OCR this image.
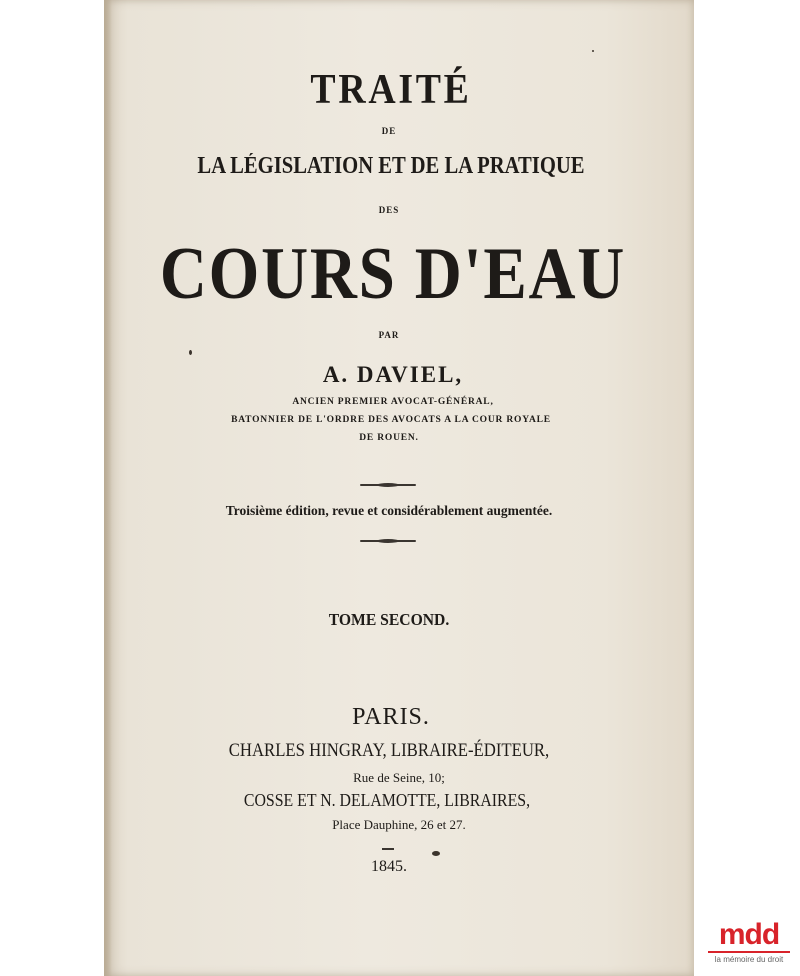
TRAITÉ

DE

LA LÉGISLATION ET DE LA PRATIQUE

DES

COURS D'EAU

PAR

A. DAVIEL,

ANCIEN PREMIER AVOCAT-GÉNÉRAL,

BATONNIER DE L'ORDRE DES AVOCATS A LA COUR ROYALE

DE ROUEN.

Troisième édition, revue et considérablement augmentée.

TOME SECOND.

PARIS.

CHARLES HINGRAY, LIBRAIRE-ÉDITEUR,

Rue de Seine, 10;

COSSE ET N. DELAMOTTE, LIBRAIRES,

Place Dauphine, 26 et 27.

1845.

mdd
la mémoire du droit
